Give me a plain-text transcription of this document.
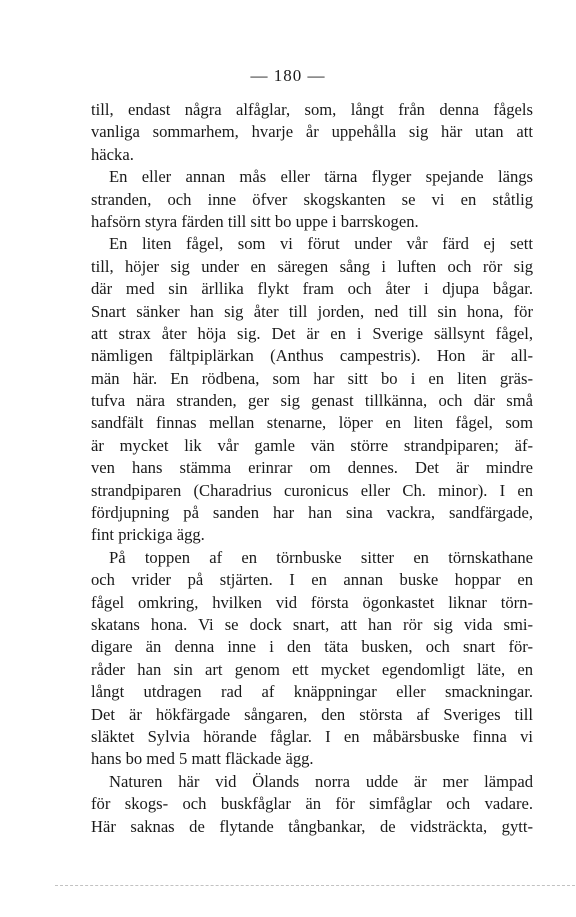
— 180 —
till, endast några alfåglar, som, långt från denna fågels
vanliga sommarhem, hvarje år uppehålla sig här utan att
häcka.
En eller annan mås eller tärna flyger spejande längs
stranden, och inne öfver skogskanten se vi en ståtlig
hafsörn styra färden till sitt bo uppe i barrskogen.
En liten fågel, som vi förut under vår färd ej sett
till, höjer sig under en säregen sång i luften och rör sig
där med sin ärllika flykt fram och åter i djupa bågar.
Snart sänker han sig åter till jorden, ned till sin hona, för
att strax åter höja sig. Det är en i Sverige sällsynt fågel,
nämligen fältpiplärkan (Anthus campestris). Hon är all-
män här. En rödbena, som har sitt bo i en liten gräs-
tufva nära stranden, ger sig genast tillkänna, och där små
sandfält finnas mellan stenarne, löper en liten fågel, som
är mycket lik vår gamle vän större strandpiparen; äf-
ven hans stämma erinrar om dennes. Det är mindre
strandpiparen (Charadrius curonicus eller Ch. minor). I en
fördjupning på sanden har han sina vackra, sandfärgade,
fint prickiga ägg.
På toppen af en törnbuske sitter en törnskathane
och vrider på stjärten. I en annan buske hoppar en
fågel omkring, hvilken vid första ögonkastet liknar törn-
skatans hona. Vi se dock snart, att han rör sig vida smi-
digare än denna inne i den täta busken, och snart för-
råder han sin art genom ett mycket egendomligt läte, en
långt utdragen rad af knäppningar eller smackningar.
Det är hökfärgade sångaren, den största af Sveriges till
släktet Sylvia hörande fåglar. I en måbärsbuske finna vi
hans bo med 5 matt fläckade ägg.
Naturen här vid Ölands norra udde är mer lämpad
för skogs- och buskfåglar än för simfåglar och vadare.
Här saknas de flytande tångbankar, de vidsträckta, gytt-
